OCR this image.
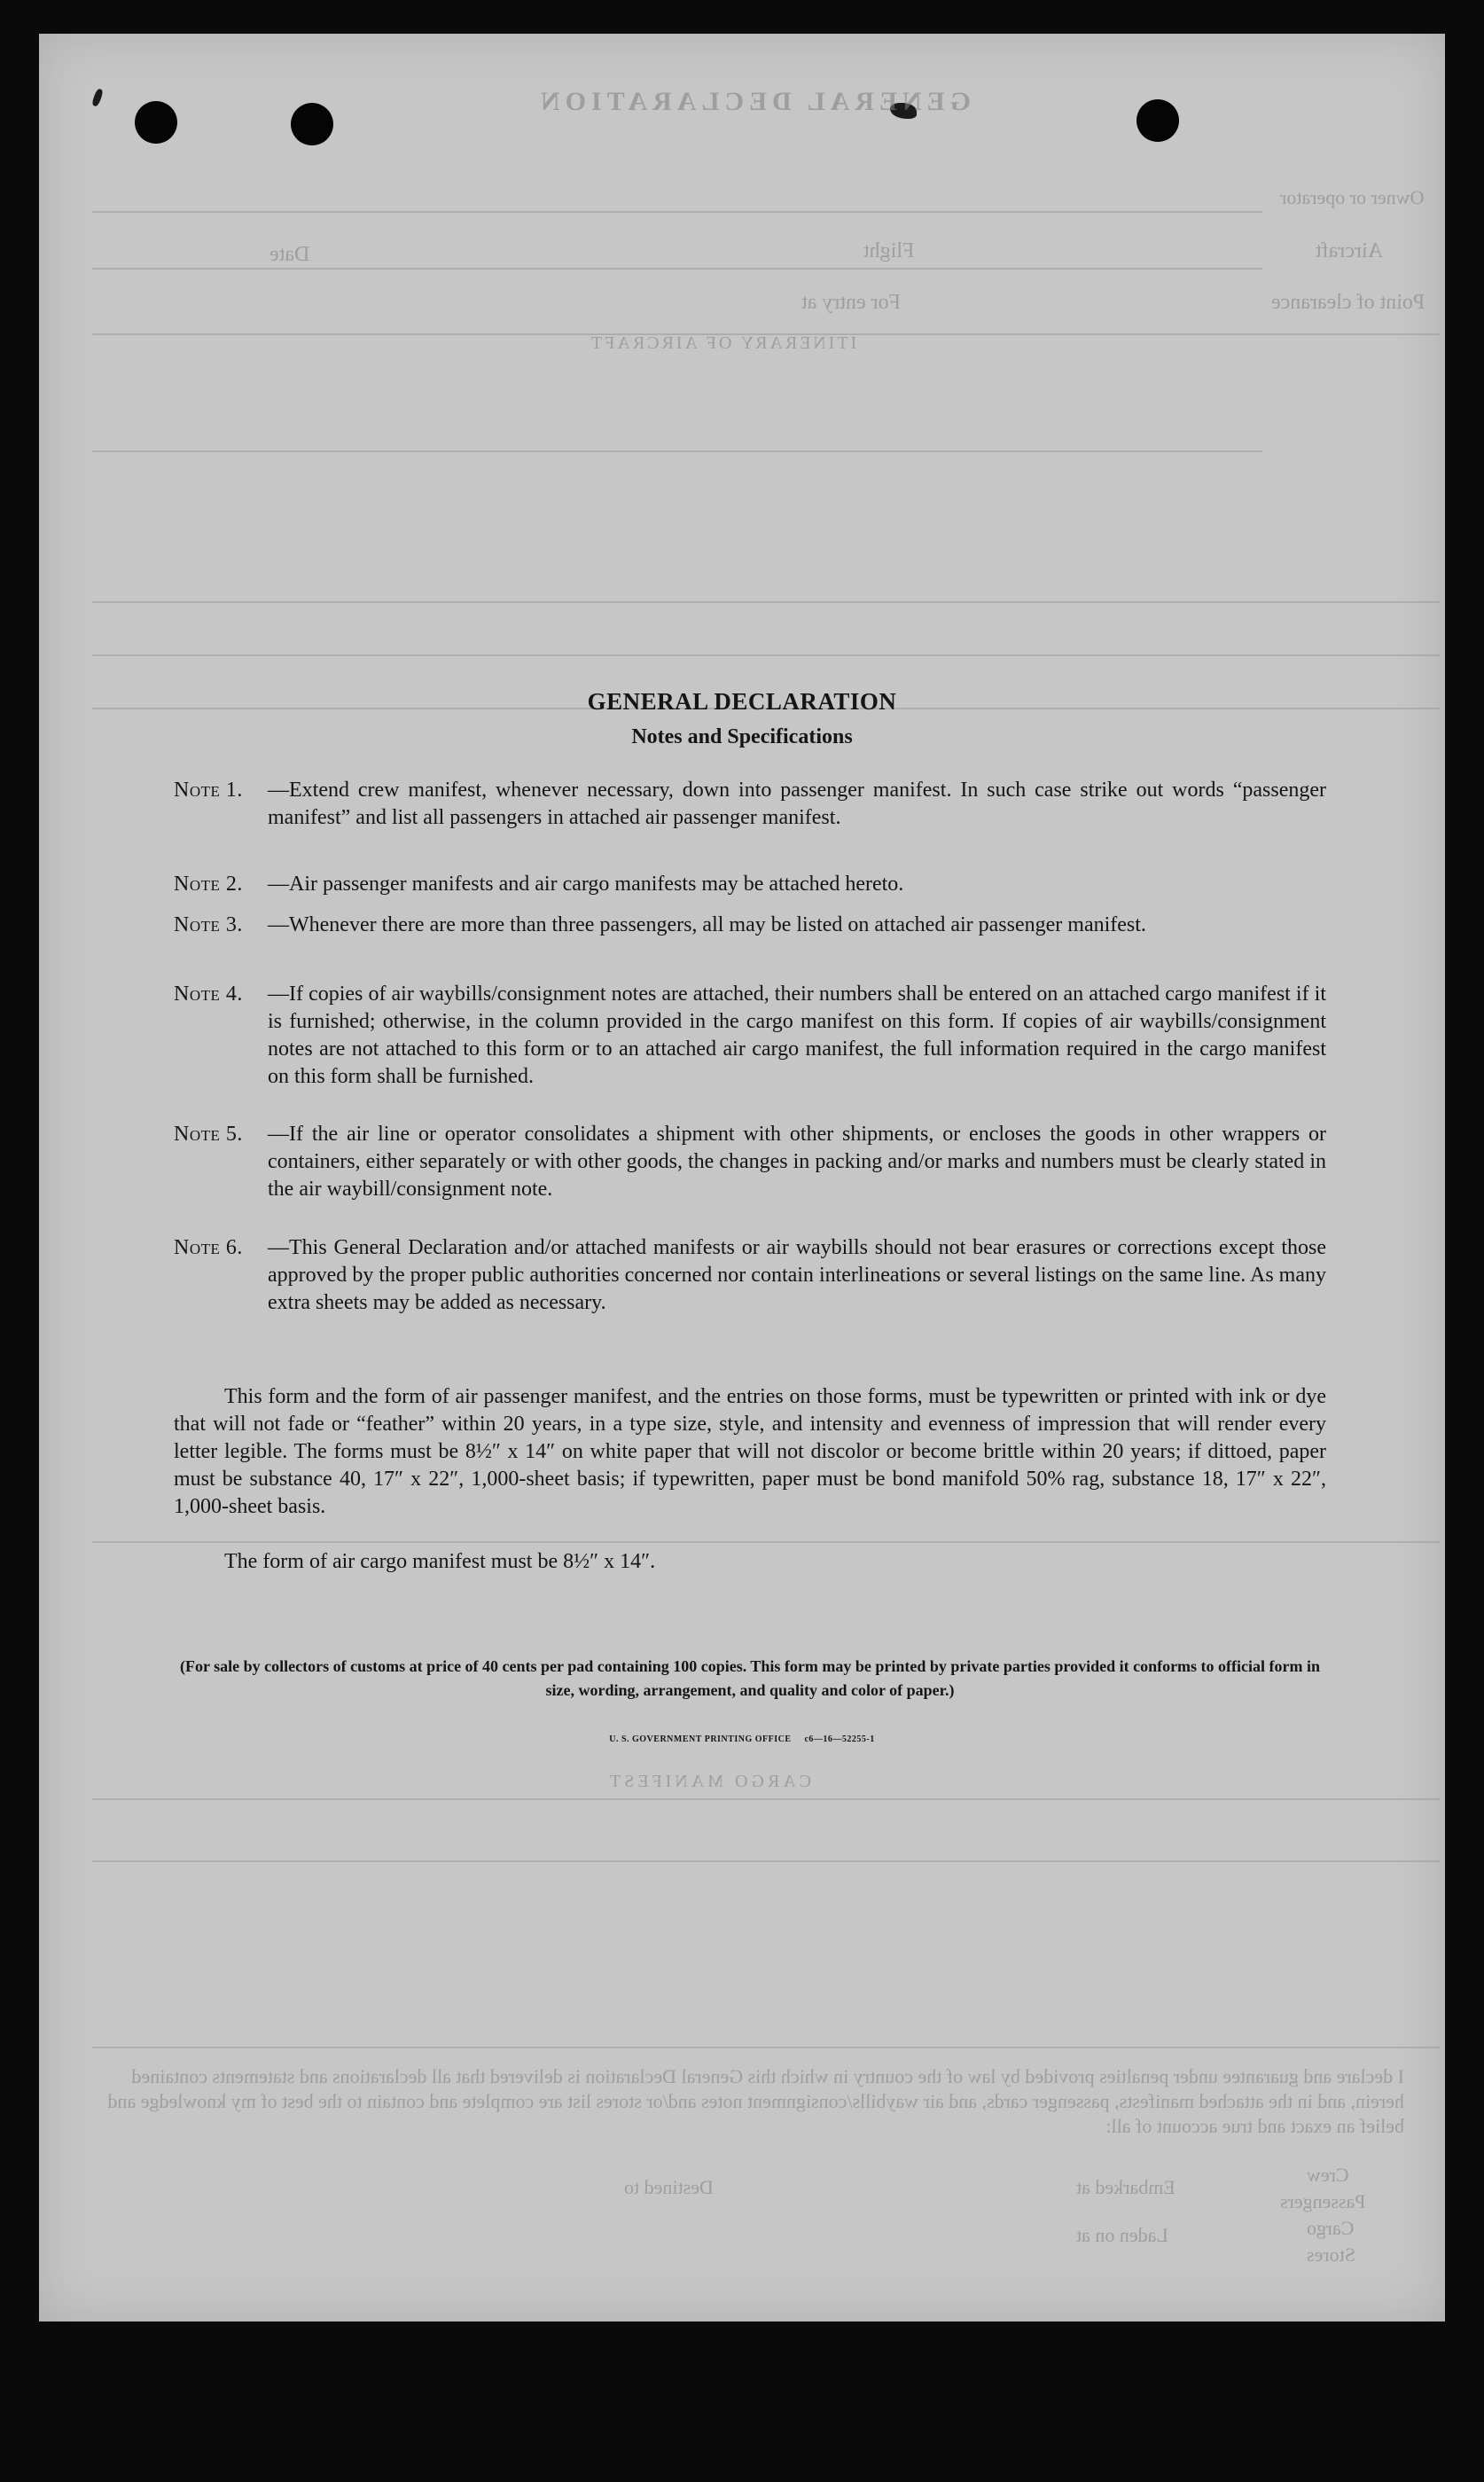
GENERAL DECLARATION
Owner or operator
Aircraft
Flight
Date
Point of clearance
For entry at
ITINERARY OF AIRCRAFT
CARGO MANIFEST
I declare and guarantee under penalties provided by law of the country in which this General Declaration is delivered that all declarations and statements contained herein, and in the attached manifests, passenger cards, and air waybills/consignment notes and/or stores list are complete and contain to the best of my knowledge and belief an exact and true account of all:
Crew
Passengers
Cargo
Stores
Embarked at
Destined to
Laden on at
GENERAL DECLARATION
Notes and Specifications
Note 1.	—Extend crew manifest, whenever necessary, down into passenger manifest. In such case strike out words “passenger manifest” and list all passengers in attached air passenger manifest.
Note 2.	—Air passenger manifests and air cargo manifests may be attached hereto.
Note 3.	—Whenever there are more than three passengers, all may be listed on attached air passenger manifest.
Note 4.	—If copies of air waybills/consignment notes are attached, their numbers shall be entered on an attached cargo manifest if it is furnished; otherwise, in the column provided in the cargo manifest on this form. If copies of air waybills/consignment notes are not attached to this form or to an attached air cargo manifest, the full information required in the cargo manifest on this form shall be furnished.
Note 5.	—If the air line or operator consolidates a shipment with other shipments, or encloses the goods in other wrappers or containers, either separately or with other goods, the changes in packing and/or marks and numbers must be clearly stated in the air waybill/consignment note.
Note 6.	—This General Declaration and/or attached manifests or air waybills should not bear erasures or corrections except those approved by the proper public authorities concerned nor contain interlineations or several listings on the same line. As many extra sheets may be added as necessary.
This form and the form of air passenger manifest, and the entries on those forms, must be typewritten or printed with ink or dye that will not fade or “feather” within 20 years, in a type size, style, and intensity and evenness of impression that will render every letter legible. The forms must be 8½″ x 14″ on white paper that will not discolor or become brittle within 20 years; if dittoed, paper must be substance 40, 17″ x 22″, 1,000-sheet basis; if typewritten, paper must be bond manifold 50% rag, substance 18, 17″ x 22″, 1,000-sheet basis.
The form of air cargo manifest must be 8½″ x 14″.
(For sale by collectors of customs at price of 40 cents per pad containing 100 copies. This form may be printed by private parties provided it conforms to official form in size, wording, arrangement, and quality and color of paper.)
U. S. GOVERNMENT PRINTING OFFICE     c6—16—52255-1
